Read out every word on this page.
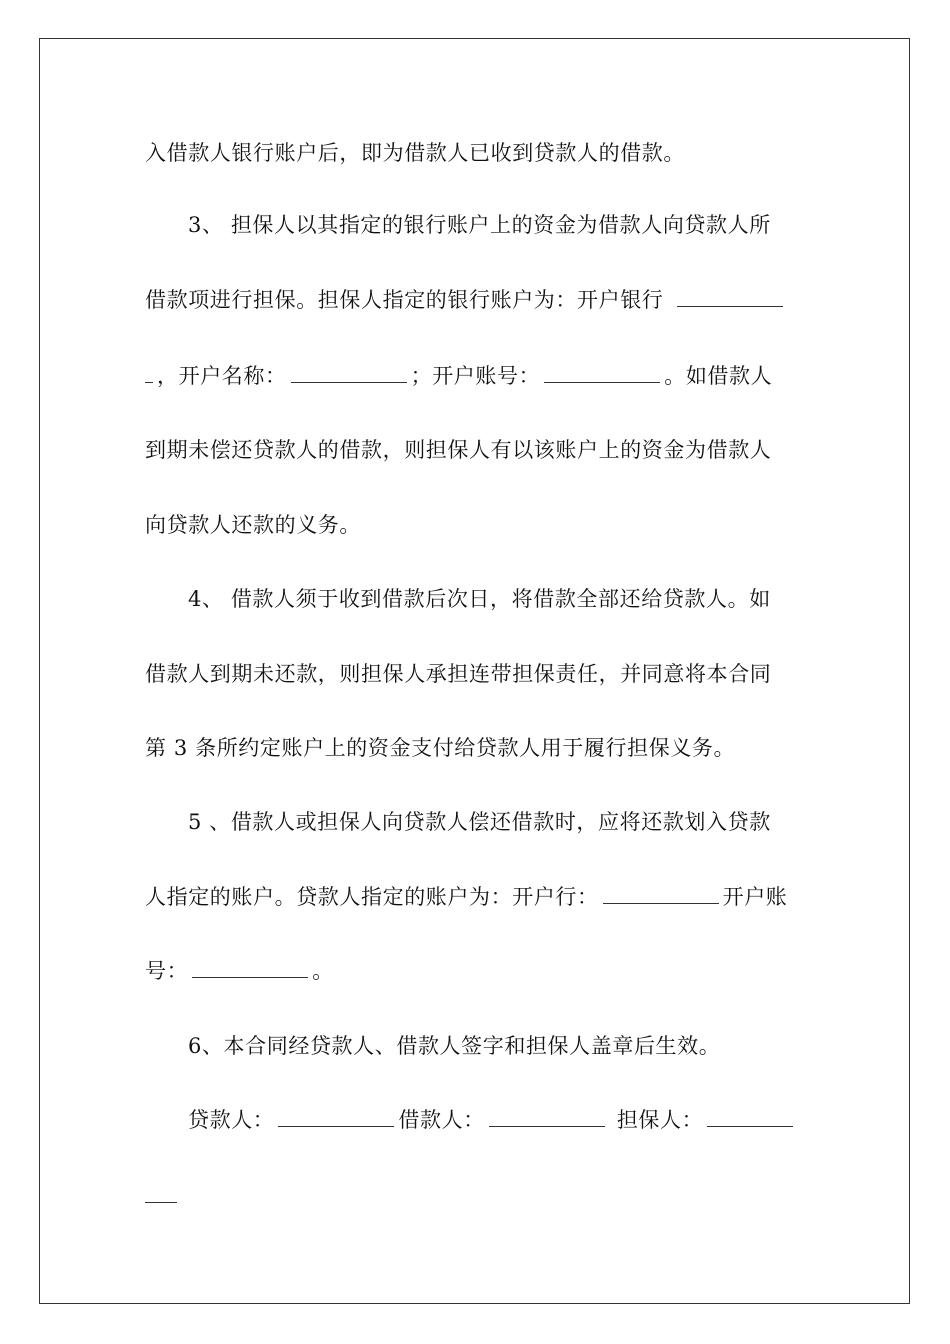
入借款人银行账户后，即为借款人已收到贷款人的借款。
3、 担保人以其指定的银行账户上的资金为借款人向贷款人所
借款项进行担保。担保人指定的银行账户为：开户银行
，开户名称：	；开户账号：	。如借款人
到期未偿还贷款人的借款，则担保人有以该账户上的资金为借款人
向贷款人还款的义务。
4、 借款人须于收到借款后次日，将借款全部还给贷款人。如
借款人到期未还款，则担保人承担连带担保责任，并同意将本合同
第 3 条所约定账户上的资金支付给贷款人用于履行担保义务。
5 、借款人或担保人向贷款人偿还借款时，应将还款划入贷款
人指定的账户。贷款人指定的账户为：开户行：	开户账
号：	。
6、本合同经贷款人、借款人签字和担保人盖章后生效。
贷款人：	借款人：	担保人：
